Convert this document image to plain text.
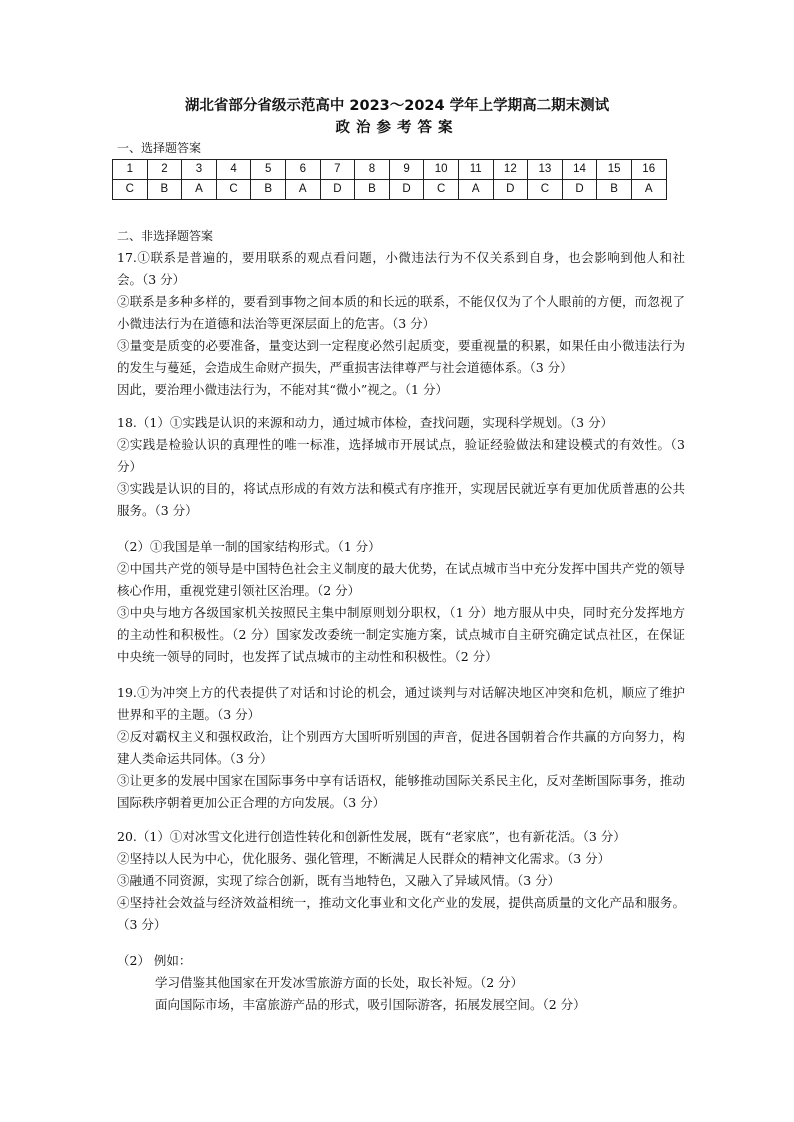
湖北省部分省级示范高中 2023～2024 学年上学期高二期末测试
政治参考答案
一、选择题答案
1	2	3	4	5	6	7	8	9	10	11	12	13	14	15	16
C	B	A	C	B	A	D	B	D	C	A	D	C	D	B	A
二、非选择题答案

17.①联系是普遍的，要用联系的观点看问题，小微违法行为不仅关系到自身，也会影响到他人和社会。（3 分）

②联系是多种多样的，要看到事物之间本质的和长远的联系，不能仅仅为了个人眼前的方便，而忽视了小微违法行为在道德和法治等更深层面上的危害。（3 分）

③量变是质变的必要准备，量变达到一定程度必然引起质变，要重视量的积累，如果任由小微违法行为的发生与蔓延，会造成生命财产损失，严重损害法律尊严与社会道德体系。（3 分）

因此，要治理小微违法行为，不能对其“微小”视之。（1 分）

18.（1）①实践是认识的来源和动力，通过城市体检，查找问题，实现科学规划。（3 分）

②实践是检验认识的真理性的唯一标准，选择城市开展试点，验证经验做法和建设模式的有效性。（3 分）

③实践是认识的目的，将试点形成的有效方法和模式有序推开，实现居民就近享有更加优质普惠的公共服务。（3 分）

（2）①我国是单一制的国家结构形式。（1 分）

②中国共产党的领导是中国特色社会主义制度的最大优势，在试点城市当中充分发挥中国共产党的领导核心作用，重视党建引领社区治理。（2 分）

③中央与地方各级国家机关按照民主集中制原则划分职权，（1 分）地方服从中央，同时充分发挥地方的主动性和积极性。（2 分）国家发改委统一制定实施方案，试点城市自主研究确定试点社区，在保证中央统一领导的同时，也发挥了试点城市的主动性和积极性。（2 分）

19.①为冲突上方的代表提供了对话和讨论的机会，通过谈判与对话解决地区冲突和危机，顺应了维护世界和平的主题。（3 分）

②反对霸权主义和强权政治，让个别西方大国听听别国的声音，促进各国朝着合作共赢的方向努力，构建人类命运共同体。（3 分）

③让更多的发展中国家在国际事务中享有话语权，能够推动国际关系民主化，反对垄断国际事务，推动国际秩序朝着更加公正合理的方向发展。（3 分）

20.（1）①对冰雪文化进行创造性转化和创新性发展，既有“老家底”，也有新花活。（3 分）

②坚持以人民为中心，优化服务、强化管理，不断满足人民群众的精神文化需求。（3 分）

③融通不同资源，实现了综合创新，既有当地特色，又融入了异域风情。（3 分）

④坚持社会效益与经济效益相统一，推动文化事业和文化产业的发展，提供高质量的文化产品和服务。（3 分）

（2） 例如：

学习借鉴其他国家在开发冰雪旅游方面的长处，取长补短。（2 分）

面向国际市场，丰富旅游产品的形式，吸引国际游客，拓展发展空间。（2 分）
